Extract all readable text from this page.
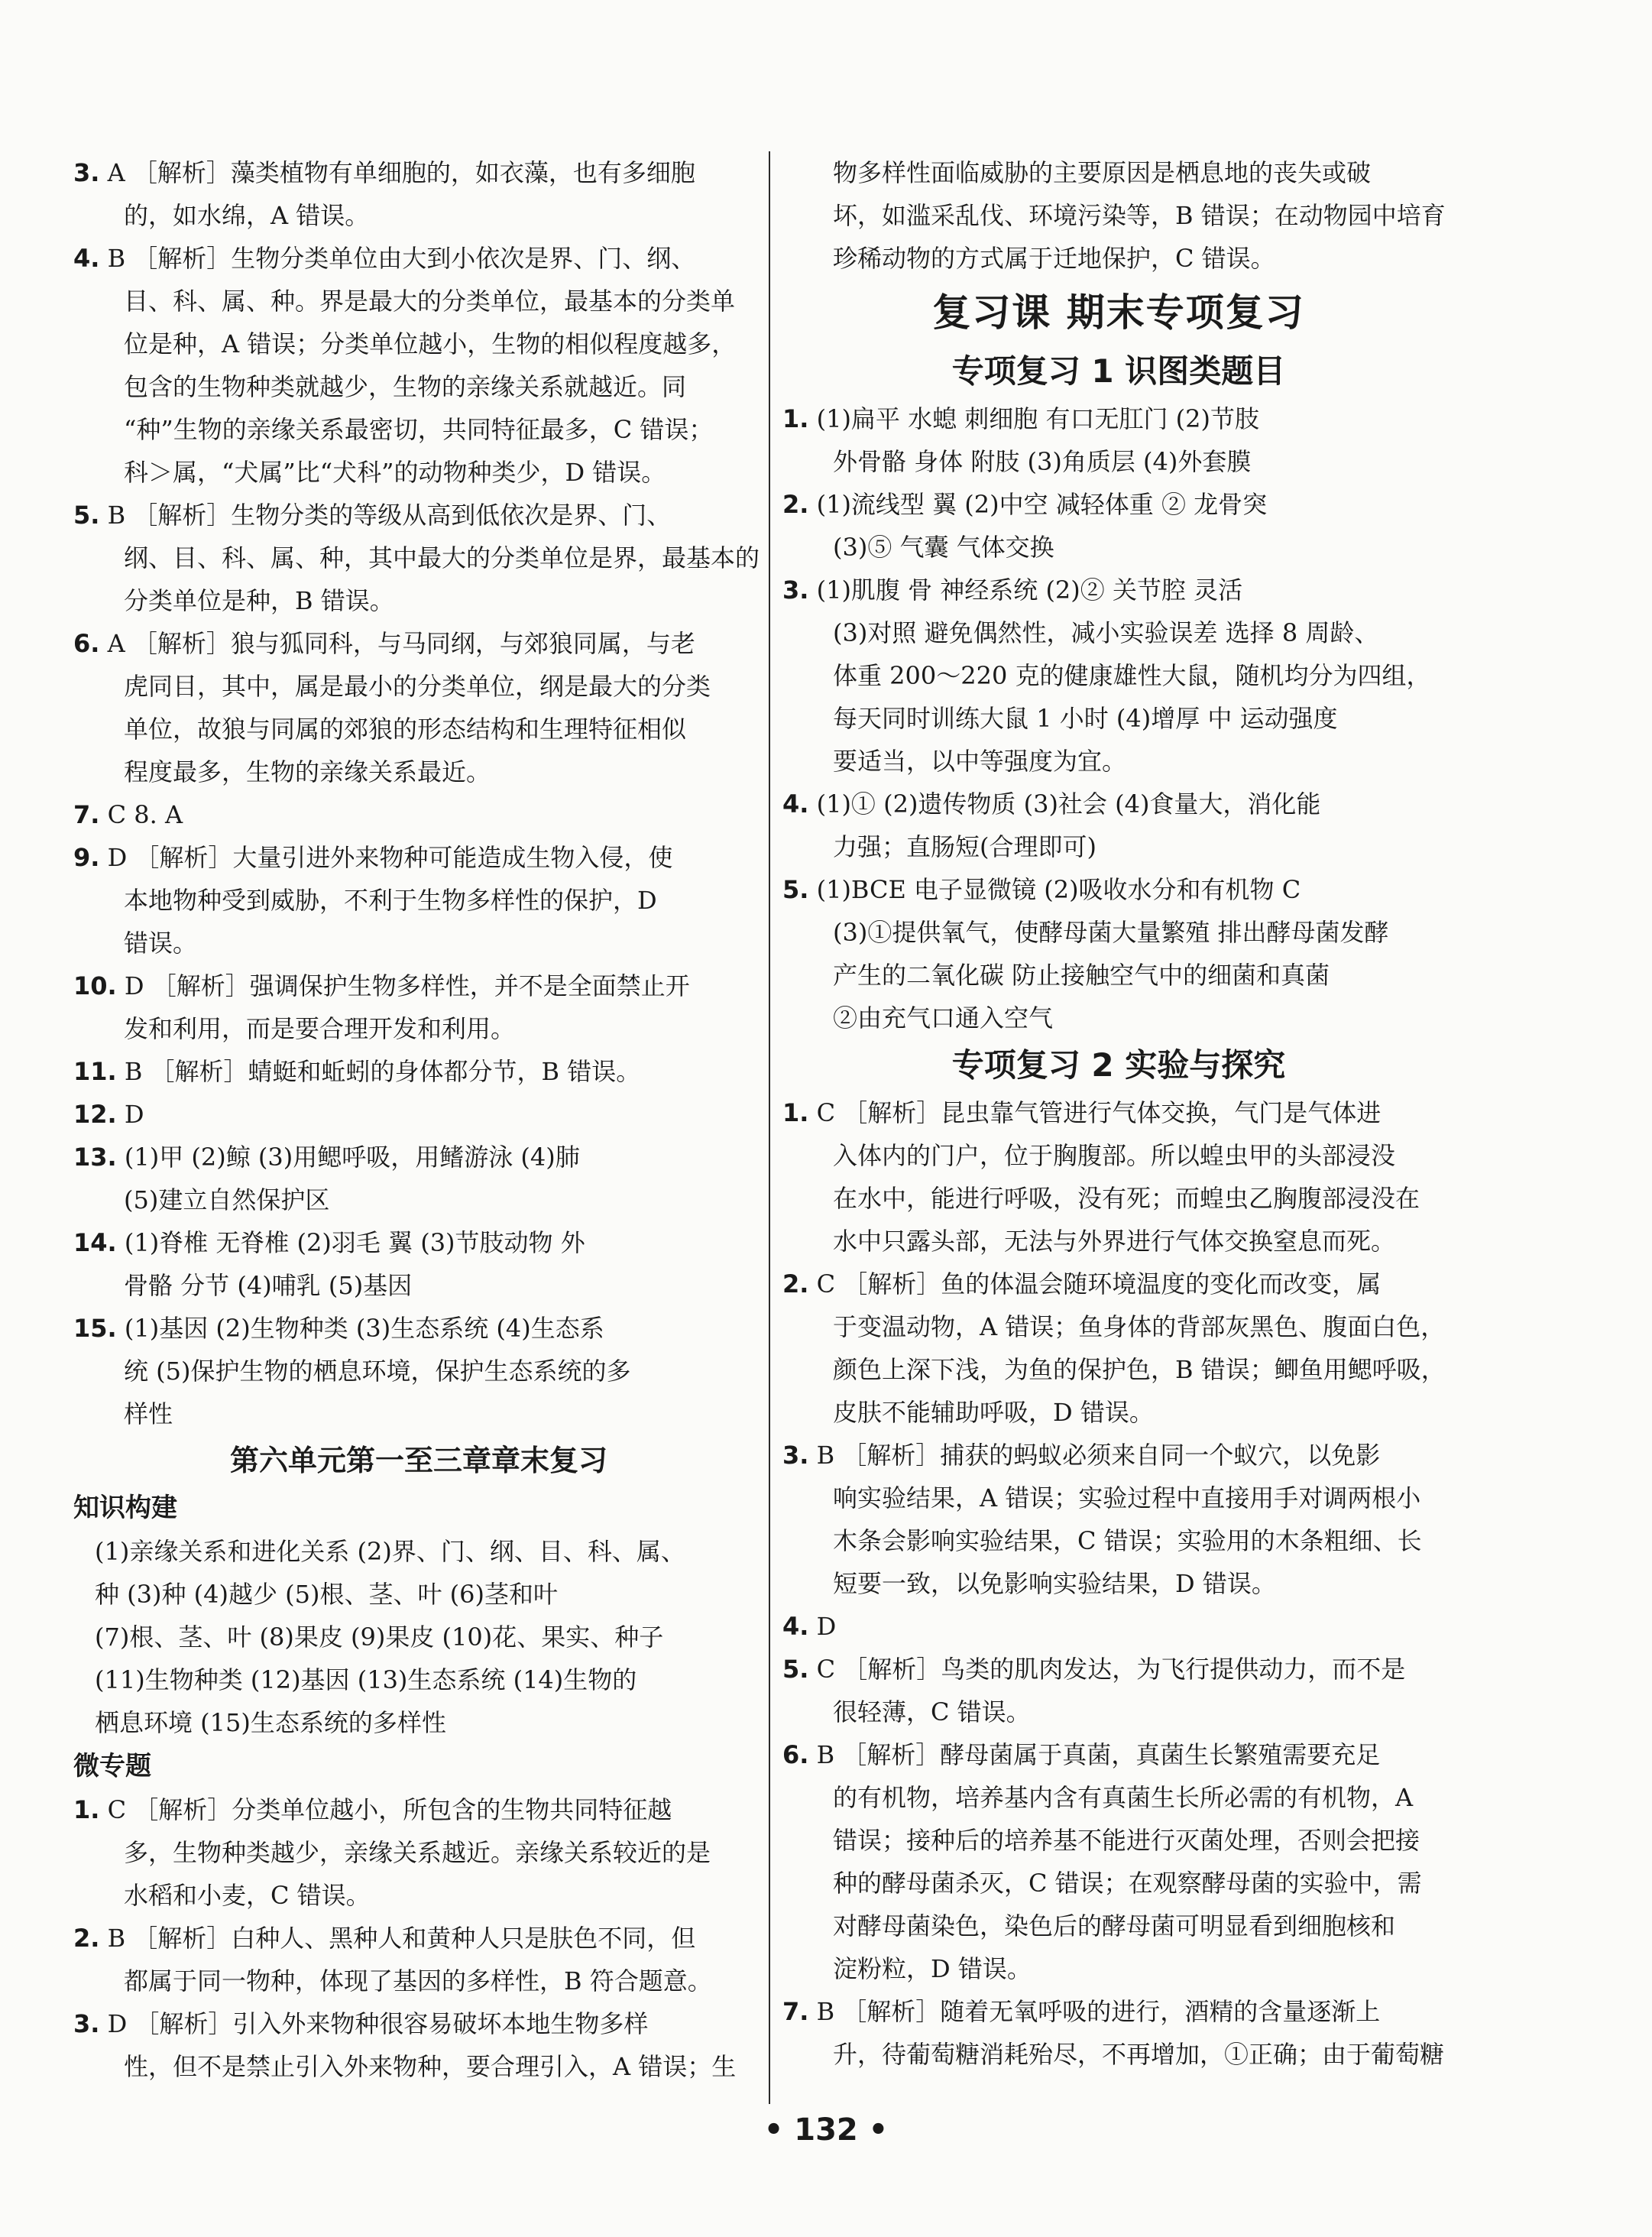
3. A ［解析］藻类植物有单细胞的，如衣藻，也有多细胞
的，如水绵，A 错误。
4. B ［解析］生物分类单位由大到小依次是界、门、纲、
目、科、属、种。界是最大的分类单位，最基本的分类单
位是种，A 错误；分类单位越小，生物的相似程度越多，
包含的生物种类就越少，生物的亲缘关系就越近。同
“种”生物的亲缘关系最密切，共同特征最多，C 错误；
科＞属，“犬属”比“犬科”的动物种类少，D 错误。
5. B ［解析］生物分类的等级从高到低依次是界、门、
纲、目、科、属、种，其中最大的分类单位是界，最基本的
分类单位是种，B 错误。
6. A ［解析］狼与狐同科，与马同纲，与郊狼同属，与老
虎同目，其中，属是最小的分类单位，纲是最大的分类
单位，故狼与同属的郊狼的形态结构和生理特征相似
程度最多，生物的亲缘关系最近。
7. C 8. A
9. D ［解析］大量引进外来物种可能造成生物入侵，使
本地物种受到威胁，不利于生物多样性的保护，D
错误。
10. D ［解析］强调保护生物多样性，并不是全面禁止开
发和利用，而是要合理开发和利用。
11. B ［解析］蜻蜓和蚯蚓的身体都分节，B 错误。
12. D
13. (1)甲 (2)鲸 (3)用鳃呼吸，用鳍游泳 (4)肺
(5)建立自然保护区
14. (1)脊椎 无脊椎 (2)羽毛 翼 (3)节肢动物 外
骨骼 分节 (4)哺乳 (5)基因
15. (1)基因 (2)生物种类 (3)生态系统 (4)生态系
统 (5)保护生物的栖息环境，保护生态系统的多
样性
第六单元第一至三章章末复习
知识构建
(1)亲缘关系和进化关系 (2)界、门、纲、目、科、属、
种 (3)种 (4)越少 (5)根、茎、叶 (6)茎和叶
(7)根、茎、叶 (8)果皮 (9)果皮 (10)花、果实、种子
(11)生物种类 (12)基因 (13)生态系统 (14)生物的
栖息环境 (15)生态系统的多样性
微专题
1. C ［解析］分类单位越小，所包含的生物共同特征越
多，生物种类越少，亲缘关系越近。亲缘关系较近的是
水稻和小麦，C 错误。
2. B ［解析］白种人、黑种人和黄种人只是肤色不同，但
都属于同一物种，体现了基因的多样性，B 符合题意。
3. D ［解析］引入外来物种很容易破坏本地生物多样
性，但不是禁止引入外来物种，要合理引入，A 错误；生
物多样性面临威胁的主要原因是栖息地的丧失或破
坏，如滥采乱伐、环境污染等，B 错误；在动物园中培育
珍稀动物的方式属于迁地保护，C 错误。
复习课 期末专项复习
专项复习 1 识图类题目
1. (1)扁平 水螅 刺细胞 有口无肛门 (2)节肢
外骨骼 身体 附肢 (3)角质层 (4)外套膜
2. (1)流线型 翼 (2)中空 减轻体重 ② 龙骨突
(3)⑤ 气囊 气体交换
3. (1)肌腹 骨 神经系统 (2)② 关节腔 灵活
(3)对照 避免偶然性，减小实验误差 选择 8 周龄、
体重 200～220 克的健康雄性大鼠，随机均分为四组，
每天同时训练大鼠 1 小时 (4)增厚 中 运动强度
要适当，以中等强度为宜。
4. (1)① (2)遗传物质 (3)社会 (4)食量大，消化能
力强；直肠短(合理即可)
5. (1)BCE 电子显微镜 (2)吸收水分和有机物 C
(3)①提供氧气，使酵母菌大量繁殖 排出酵母菌发酵
产生的二氧化碳 防止接触空气中的细菌和真菌
②由充气口通入空气
专项复习 2 实验与探究
1. C ［解析］昆虫靠气管进行气体交换，气门是气体进
入体内的门户，位于胸腹部。所以蝗虫甲的头部浸没
在水中，能进行呼吸，没有死；而蝗虫乙胸腹部浸没在
水中只露头部，无法与外界进行气体交换窒息而死。
2. C ［解析］鱼的体温会随环境温度的变化而改变，属
于变温动物，A 错误；鱼身体的背部灰黑色、腹面白色，
颜色上深下浅，为鱼的保护色，B 错误；鲫鱼用鳃呼吸，
皮肤不能辅助呼吸，D 错误。
3. B ［解析］捕获的蚂蚁必须来自同一个蚁穴，以免影
响实验结果，A 错误；实验过程中直接用手对调两根小
木条会影响实验结果，C 错误；实验用的木条粗细、长
短要一致，以免影响实验结果，D 错误。
4. D
5. C ［解析］鸟类的肌肉发达，为飞行提供动力，而不是
很轻薄，C 错误。
6. B ［解析］酵母菌属于真菌，真菌生长繁殖需要充足
的有机物，培养基内含有真菌生长所必需的有机物，A
错误；接种后的培养基不能进行灭菌处理，否则会把接
种的酵母菌杀灭，C 错误；在观察酵母菌的实验中，需
对酵母菌染色，染色后的酵母菌可明显看到细胞核和
淀粉粒，D 错误。
7. B ［解析］随着无氧呼吸的进行，酒精的含量逐渐上
升，待葡萄糖消耗殆尽，不再增加，①正确；由于葡萄糖
• 132 •
